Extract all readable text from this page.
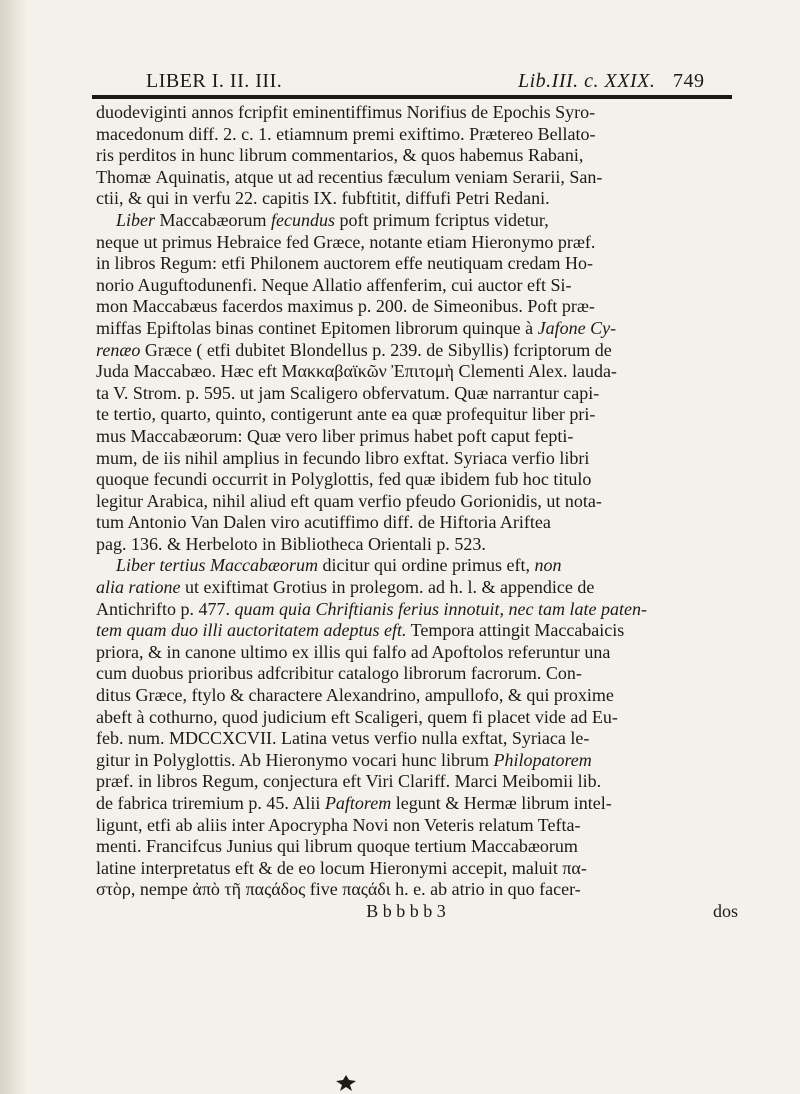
LIBER I. II. III.	Lib.III. c. XXIX. 749
duodeviginti annos fcripfit eminentiffimus Norifius de Epochis Syro-
macedonum diff. 2. c. 1. etiamnum premi exiftimo. Prӕtereo Bellato-
ris perditos in hunc librum commentarios, & quos habemus Rabani,
Thomӕ Aquinatis, atque ut ad recentius fӕculum veniam Serarii, San-
ctii, & qui in verfu 22. capitis IX. fubftitit, diffufi Petri Redani.
Liber Maccabӕorum fecundus poft primum fcriptus videtur,
neque ut primus Hebraice fed Grӕce, notante etiam Hieronymo prӕf.
in libros Regum: etfi Philonem auctorem effe neutiquam credam Ho-
norio Auguftodunenfi. Neque Allatio affenferim, cui auctor eft Si-
mon Maccabӕus facerdos maximus p. 200. de Simeonibus. Poft prӕ-
miffas Epiftolas binas continet Epitomen librorum quinque à Jafone Cy-
renӕo Grӕce ( etfi dubitet Blondellus p. 239. de Sibyllis) fcriptorum de
Juda Maccabӕo. Hӕc eft Μακκαβαϊκῶν Ἐπιτομὴ Clementi Alex. lauda-
ta V. Strom. p. 595. ut jam Scaligero obfervatum. Quӕ narrantur capi-
te tertio, quarto, quinto, contigerunt ante ea quӕ profequitur liber pri-
mus Maccabӕorum: Quӕ vero liber primus habet poft caput fepti-
mum, de iis nihil amplius in fecundo libro exftat. Syriaca verfio libri
quoque fecundi occurrit in Polyglottis, fed quӕ ibidem fub hoc titulo
legitur Arabica, nihil aliud eft quam verfio pfeudo Gorionidis, ut nota-
tum Antonio Van Dalen viro acutiffimo diff. de Hiftoria Ariftea
pag. 136. & Herbeloto in Bibliotheca Orientali p. 523.
Liber tertius Maccabӕorum dicitur qui ordine primus eft, non
alia ratione ut exiftimat Grotius in prolegom. ad h. l. & appendice de
Antichrifto p. 477. quam quia Chriftianis ferius innotuit, nec tam late paten-
tem quam duo illi auctoritatem adeptus eft. Tempora attingit Maccabaicis
priora, & in canone ultimo ex illis qui falfo ad Apoftolos referuntur una
cum duobus prioribus adfcribitur catalogo librorum facrorum. Con-
ditus Grӕce, ftylo & charactere Alexandrino, ampullofo, & qui proxime
abeft à cothurno, quod judicium eft Scaligeri, quem fi placet vide ad Eu-
feb. num. MDCCXCVII. Latina vetus verfio nulla exftat, Syriaca le-
gitur in Polyglottis. Ab Hieronymo vocari hunc librum Philopatorem
prӕf. in libros Regum, conjectura eft Viri Clariff. Marci Meibomii lib.
de fabrica triremium p. 45. Alii Paftorem legunt & Hermӕ librum intel-
ligunt, etfi ab aliis inter Apocrypha Novi non Veteris relatum Tefta-
menti. Francifcus Junius qui librum quoque tertium Maccabӕorum
latine interpretatus eft & de eo locum Hieronymi accepit, maluit πα-
στὸρ, nempe ἀπὸ τῆ παςάδος five παςάδι h. e. ab atrio in quo facer-
B b b b b 3	dos
